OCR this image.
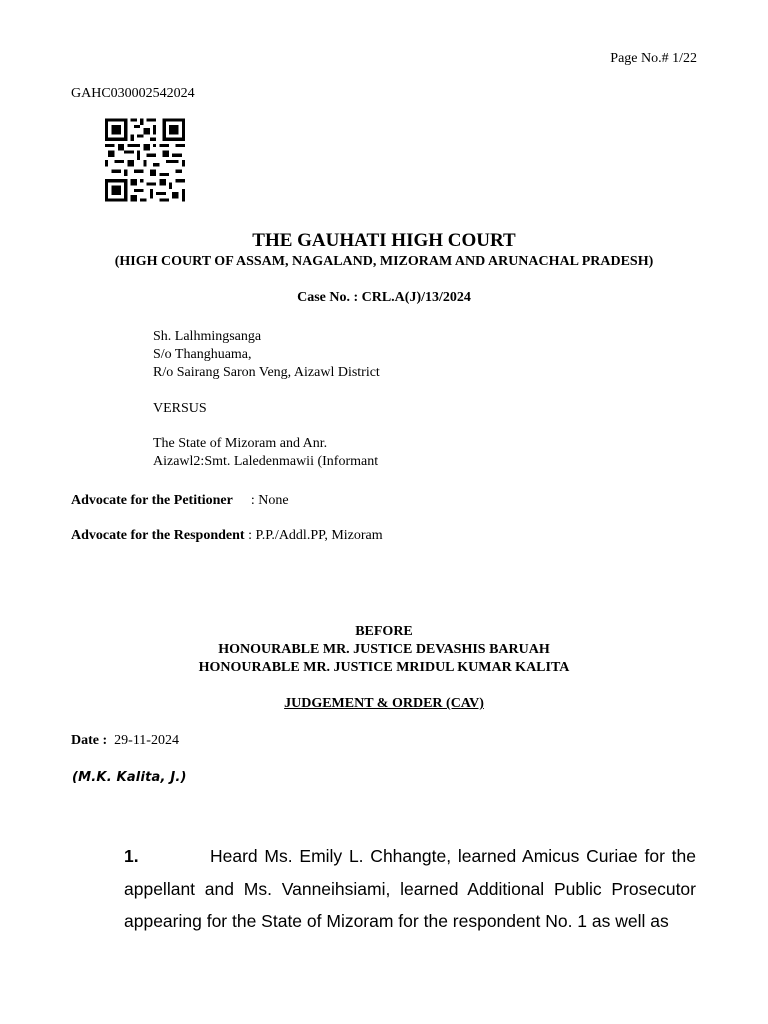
Page No.# 1/22
GAHC030002542024
THE GAUHATI HIGH COURT
(HIGH COURT OF ASSAM, NAGALAND, MIZORAM AND ARUNACHAL PRADESH)
Case No. : CRL.A(J)/13/2024
Sh. Lalhmingsanga
S/o Thanghuama,
R/o Sairang Saron Veng, Aizawl District
VERSUS
The State of Mizoram and Anr.
Aizawl2:Smt. Laledenmawii (Informant
Advocate for the Petitioner : None
Advocate for the Respondent : P.P./Addl.PP, Mizoram
BEFORE
HONOURABLE MR. JUSTICE DEVASHIS BARUAH
HONOURABLE MR. JUSTICE MRIDUL KUMAR KALITA
JUDGEMENT & ORDER (CAV)
Date : 29-11-2024
(M.K. Kalita, J.)
1.	Heard Ms. Emily L. Chhangte, learned Amicus Curiae for the appellant and Ms. Vanneihsiami, learned Additional Public Prosecutor appearing for the State of Mizoram for the respondent No. 1 as well as
